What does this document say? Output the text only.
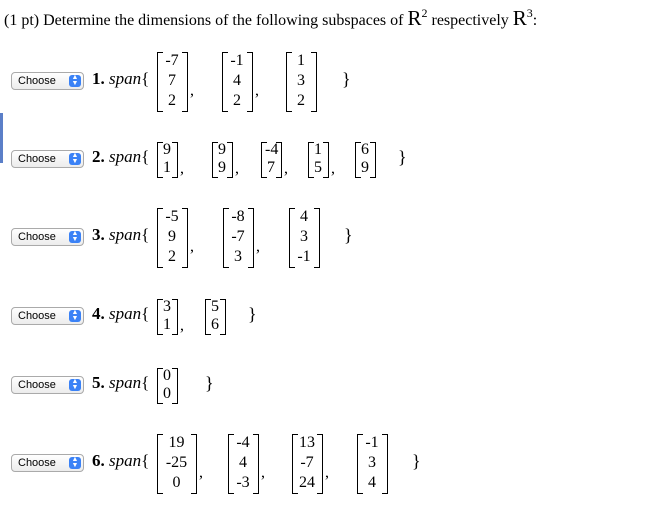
(1 pt) Determine the dimensions of the following subspaces of $R^2$ respectively $R^3$:
Choose	▲
▼ 1. span{
-7
7
2
,
-1
4
2
,
1
3
2
}
Choose	▲
▼ 2. span{ 9
1 ,
9
9 ,
-4
7 ,
1
5 ,
6
9
}
Choose	▲
▼ 3. span{
-5
9
2
,
-8
-7
3
,
4
3
-1
}
Choose	▲
▼ 4. span{ 3
1 ,
5
6
}
Choose	▲
▼ 5. span{ 0
0
}
Choose	▲
▼ 6. span{
19
-25
0
,
-4
4
-3
,
13
-7
24
,
-1
3
4
}
